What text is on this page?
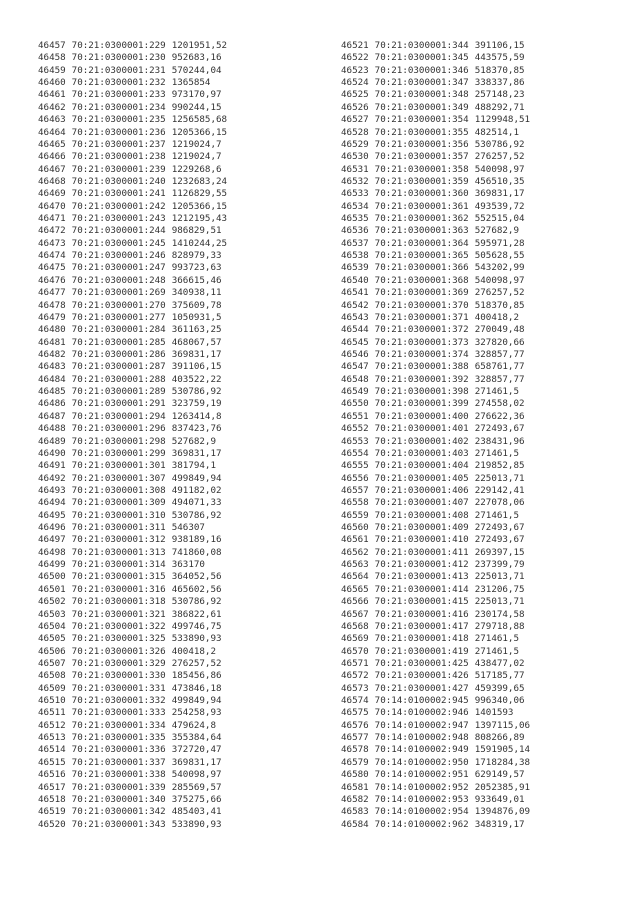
46457 70:21:0300001:229 1201951,52
46458 70:21:0300001:230 952683,16
46459 70:21:0300001:231 570244,04
46460 70:21:0300001:232 1365854
46461 70:21:0300001:233 973170,97
46462 70:21:0300001:234 990244,15
46463 70:21:0300001:235 1256585,68
46464 70:21:0300001:236 1205366,15
46465 70:21:0300001:237 1219024,7
46466 70:21:0300001:238 1219024,7
46467 70:21:0300001:239 1229268,6
46468 70:21:0300001:240 1232683,24
46469 70:21:0300001:241 1126829,55
46470 70:21:0300001:242 1205366,15
46471 70:21:0300001:243 1212195,43
46472 70:21:0300001:244 986829,51
46473 70:21:0300001:245 1410244,25
46474 70:21:0300001:246 828979,33
46475 70:21:0300001:247 993723,63
46476 70:21:0300001:248 366615,46
46477 70:21:0300001:269 340938,11
46478 70:21:0300001:270 375609,78
46479 70:21:0300001:277 1050931,5
46480 70:21:0300001:284 361163,25
46481 70:21:0300001:285 468067,57
46482 70:21:0300001:286 369831,17
46483 70:21:0300001:287 391106,15
46484 70:21:0300001:288 403522,22
46485 70:21:0300001:289 530786,92
46486 70:21:0300001:291 323759,19
46487 70:21:0300001:294 1263414,8
46488 70:21:0300001:296 837423,76
46489 70:21:0300001:298 527682,9
46490 70:21:0300001:299 369831,17
46491 70:21:0300001:301 381794,1
46492 70:21:0300001:307 499849,94
46493 70:21:0300001:308 491182,02
46494 70:21:0300001:309 494071,33
46495 70:21:0300001:310 530786,92
46496 70:21:0300001:311 546307
46497 70:21:0300001:312 938189,16
46498 70:21:0300001:313 741860,08
46499 70:21:0300001:314 363170
46500 70:21:0300001:315 364052,56
46501 70:21:0300001:316 465602,56
46502 70:21:0300001:318 530786,92
46503 70:21:0300001:321 386822,61
46504 70:21:0300001:322 499746,75
46505 70:21:0300001:325 533890,93
46506 70:21:0300001:326 400418,2
46507 70:21:0300001:329 276257,52
46508 70:21:0300001:330 185456,86
46509 70:21:0300001:331 473846,18
46510 70:21:0300001:332 499849,94
46511 70:21:0300001:333 254258,93
46512 70:21:0300001:334 479624,8
46513 70:21:0300001:335 355384,64
46514 70:21:0300001:336 372720,47
46515 70:21:0300001:337 369831,17
46516 70:21:0300001:338 540098,97
46517 70:21:0300001:339 285569,57
46518 70:21:0300001:340 375275,66
46519 70:21:0300001:342 485403,41
46520 70:21:0300001:343 533890,93
46521 70:21:0300001:344 391106,15
46522 70:21:0300001:345 443575,59
46523 70:21:0300001:346 518370,85
46524 70:21:0300001:347 338337,86
46525 70:21:0300001:348 257148,23
46526 70:21:0300001:349 488292,71
46527 70:21:0300001:354 1129948,51
46528 70:21:0300001:355 482514,1
46529 70:21:0300001:356 530786,92
46530 70:21:0300001:357 276257,52
46531 70:21:0300001:358 540098,97
46532 70:21:0300001:359 456510,35
46533 70:21:0300001:360 369831,17
46534 70:21:0300001:361 493539,72
46535 70:21:0300001:362 552515,04
46536 70:21:0300001:363 527682,9
46537 70:21:0300001:364 595971,28
46538 70:21:0300001:365 505628,55
46539 70:21:0300001:366 543202,99
46540 70:21:0300001:368 540098,97
46541 70:21:0300001:369 276257,52
46542 70:21:0300001:370 518370,85
46543 70:21:0300001:371 400418,2
46544 70:21:0300001:372 270049,48
46545 70:21:0300001:373 327820,66
46546 70:21:0300001:374 328857,77
46547 70:21:0300001:388 658761,77
46548 70:21:0300001:392 328857,77
46549 70:21:0300001:398 271461,5
46550 70:21:0300001:399 274558,02
46551 70:21:0300001:400 276622,36
46552 70:21:0300001:401 272493,67
46553 70:21:0300001:402 238431,96
46554 70:21:0300001:403 271461,5
46555 70:21:0300001:404 219852,85
46556 70:21:0300001:405 225013,71
46557 70:21:0300001:406 229142,41
46558 70:21:0300001:407 227078,06
46559 70:21:0300001:408 271461,5
46560 70:21:0300001:409 272493,67
46561 70:21:0300001:410 272493,67
46562 70:21:0300001:411 269397,15
46563 70:21:0300001:412 237399,79
46564 70:21:0300001:413 225013,71
46565 70:21:0300001:414 231206,75
46566 70:21:0300001:415 225013,71
46567 70:21:0300001:416 230174,58
46568 70:21:0300001:417 279718,88
46569 70:21:0300001:418 271461,5
46570 70:21:0300001:419 271461,5
46571 70:21:0300001:425 438477,02
46572 70:21:0300001:426 517185,77
46573 70:21:0300001:427 459399,65
46574 70:14:0100002:945 996340,06
46575 70:14:0100002:946 1401593
46576 70:14:0100002:947 1397115,06
46577 70:14:0100002:948 808266,89
46578 70:14:0100002:949 1591905,14
46579 70:14:0100002:950 1718284,38
46580 70:14:0100002:951 629149,57
46581 70:14:0100002:952 2052385,91
46582 70:14:0100002:953 933649,01
46583 70:14:0100002:954 1394876,09
46584 70:14:0100002:962 348319,17
